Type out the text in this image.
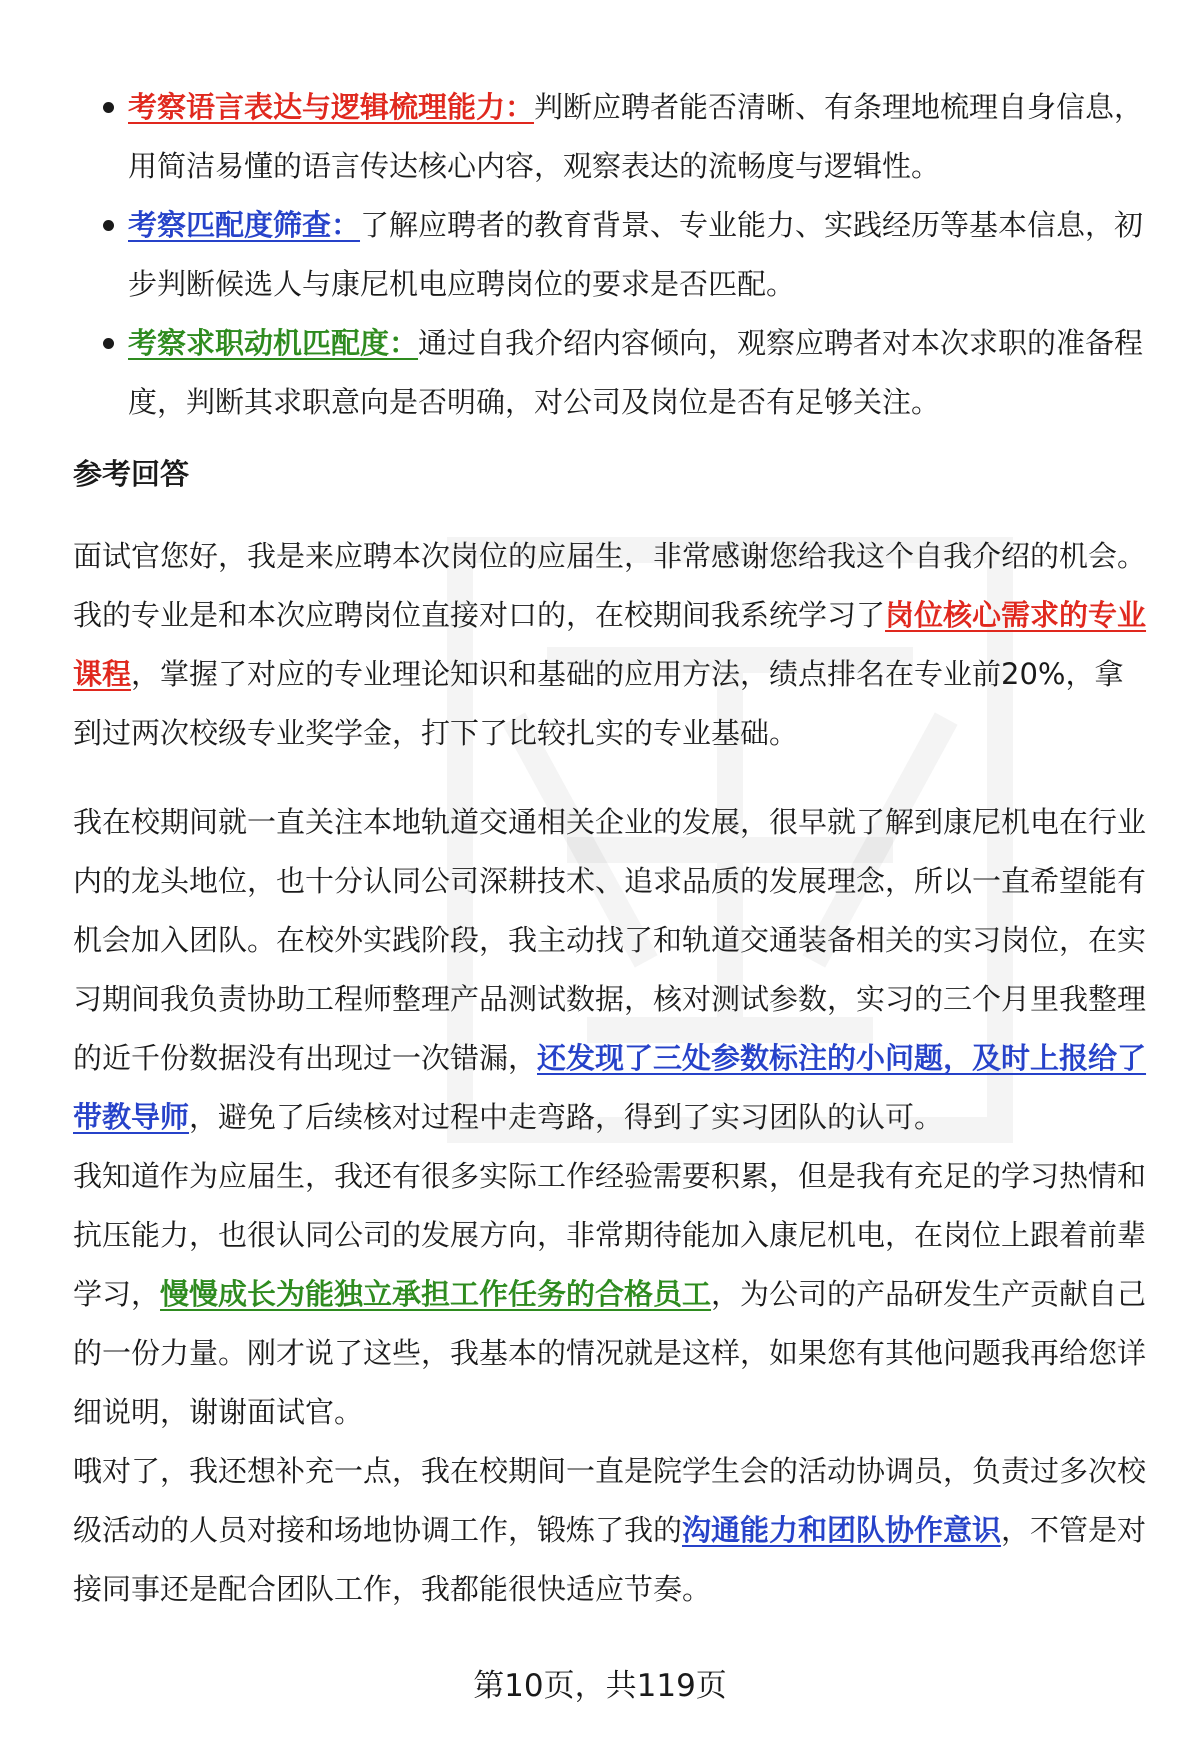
考察语言表达与逻辑梳理能力：判断应聘者能否清晰、有条理地梳理自身信息，用简洁易懂的语言传达核心内容，观察表达的流畅度与逻辑性。
考察匹配度筛查：了解应聘者的教育背景、专业能力、实践经历等基本信息，初步判断候选人与康尼机电应聘岗位的要求是否匹配。
考察求职动机匹配度：通过自我介绍内容倾向，观察应聘者对本次求职的准备程度，判断其求职意向是否明确，对公司及岗位是否有足够关注。
参考回答

面试官您好，我是来应聘本次岗位的应届生，非常感谢您给我这个自我介绍的机会。我的专业是和本次应聘岗位直接对口的，在校期间我系统学习了岗位核心需求的专业课程，掌握了对应的专业理论知识和基础的应用方法，绩点排名在专业前20%，拿到过两次校级专业奖学金，打下了比较扎实的专业基础。

我在校期间就一直关注本地轨道交通相关企业的发展，很早就了解到康尼机电在行业内的龙头地位，也十分认同公司深耕技术、追求品质的发展理念，所以一直希望能有机会加入团队。在校外实践阶段，我主动找了和轨道交通装备相关的实习岗位，在实习期间我负责协助工程师整理产品测试数据，核对测试参数，实习的三个月里我整理的近千份数据没有出现过一次错漏，还发现了三处参数标注的小问题，及时上报给了带教导师，避免了后续核对过程中走弯路，得到了实习团队的认可。

我知道作为应届生，我还有很多实际工作经验需要积累，但是我有充足的学习热情和抗压能力，也很认同公司的发展方向，非常期待能加入康尼机电，在岗位上跟着前辈学习，慢慢成长为能独立承担工作任务的合格员工，为公司的产品研发生产贡献自己的一份力量。刚才说了这些，我基本的情况就是这样，如果您有其他问题我再给您详细说明，谢谢面试官。

哦对了，我还想补充一点，我在校期间一直是院学生会的活动协调员，负责过多次校级活动的人员对接和场地协调工作，锻炼了我的沟通能力和团队协作意识，不管是对接同事还是配合团队工作，我都能很快适应节奏。

第10页，共119页
